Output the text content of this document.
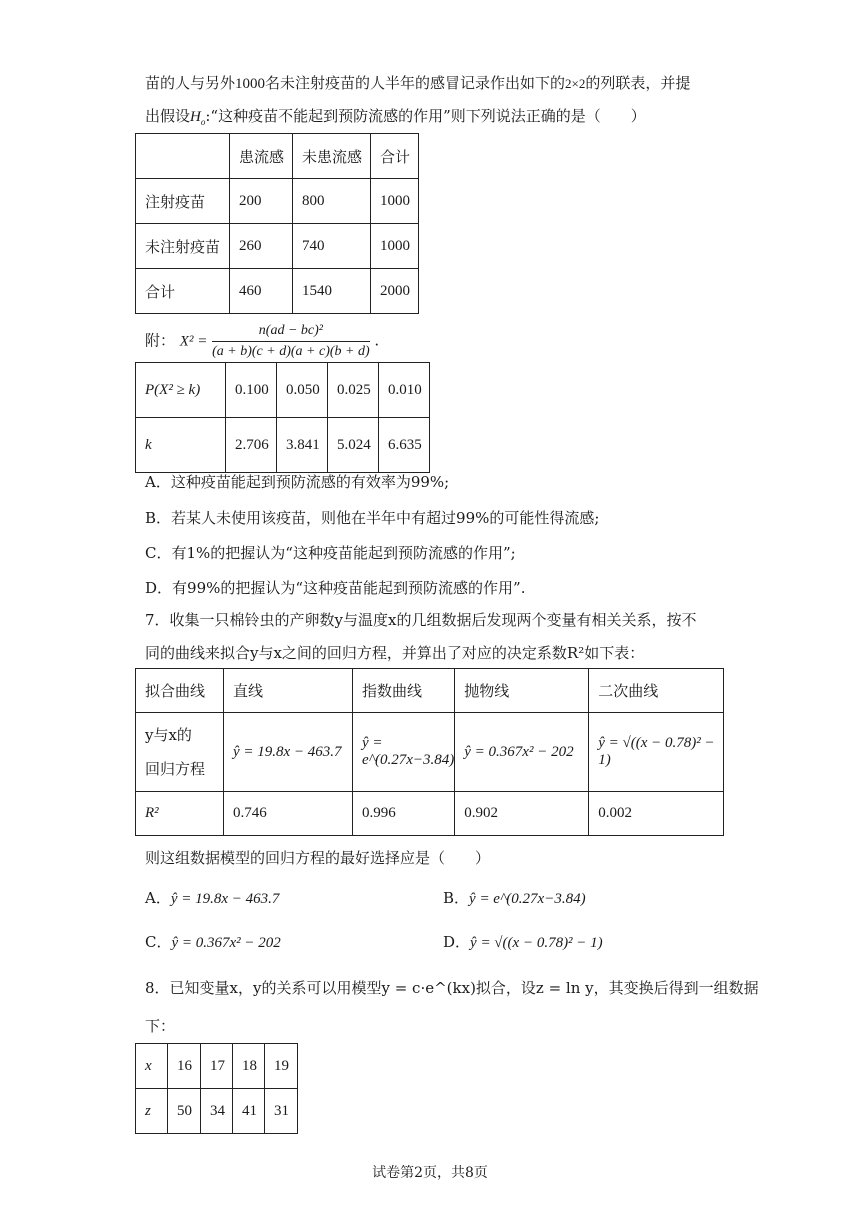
苗的人与另外1000名未注射疫苗的人半年的感冒记录作出如下的2×2的列联表，并提
出假设$H_o:“$这种疫苗不能起到预防流感的作用”则下列说法正确的是（　　）
	患流感	未患流感	合计
注射疫苗	200	800	1000
未注射疫苗	260	740	1000
合计	460	1540	2000
附： $X^2 = \frac{\text{n(ad − bc)²}}{(a + b)(c + d)(a + c)(b + d)}$ .
P(X² ≥ k)	0.100	0.050	0.025	0.010
k	2.706	3.841	5.024	6.635
A．这种疫苗能起到预防流感的有效率为99%;
B．若某人未使用该疫苗，则他在半年中有超过99%的可能性得流感;
C．有1%的把握认为“这种疫苗能起到预防流感的作用”;
D．有99%的把握认为“这种疫苗能起到预防流感的作用”.
7．收集一只棉铃虫的产卵数y与温度x的几组数据后发现两个变量有相关关系，按不
同的曲线来拟合y与x之间的回归方程，并算出了对应的决定系数R²如下表：
拟合曲线	直线	指数曲线	抛物线	二次曲线
y与x的
回归方程	ŷ = 19.8x − 463.7	ŷ = e^(0.27x−3.84)	ŷ = 0.367x² − 202	ŷ = √((x − 0.78)² − 1)
R²	0.746	0.996	0.902	0.002
则这组数据模型的回归方程的最好选择应是（　　）
A．ŷ = 19.8x − 463.7	B．ŷ = e^(0.27x−3.84)
C．ŷ = 0.367x² − 202	D．ŷ = √((x − 0.78)² − 1)
8．已知变量x，y的关系可以用模型y = c·e^(kx)拟合，设z = ln y，其变换后得到一组数据
下：
x	16	17	18	19
z	50	34	41	31
试卷第2页，共8页
